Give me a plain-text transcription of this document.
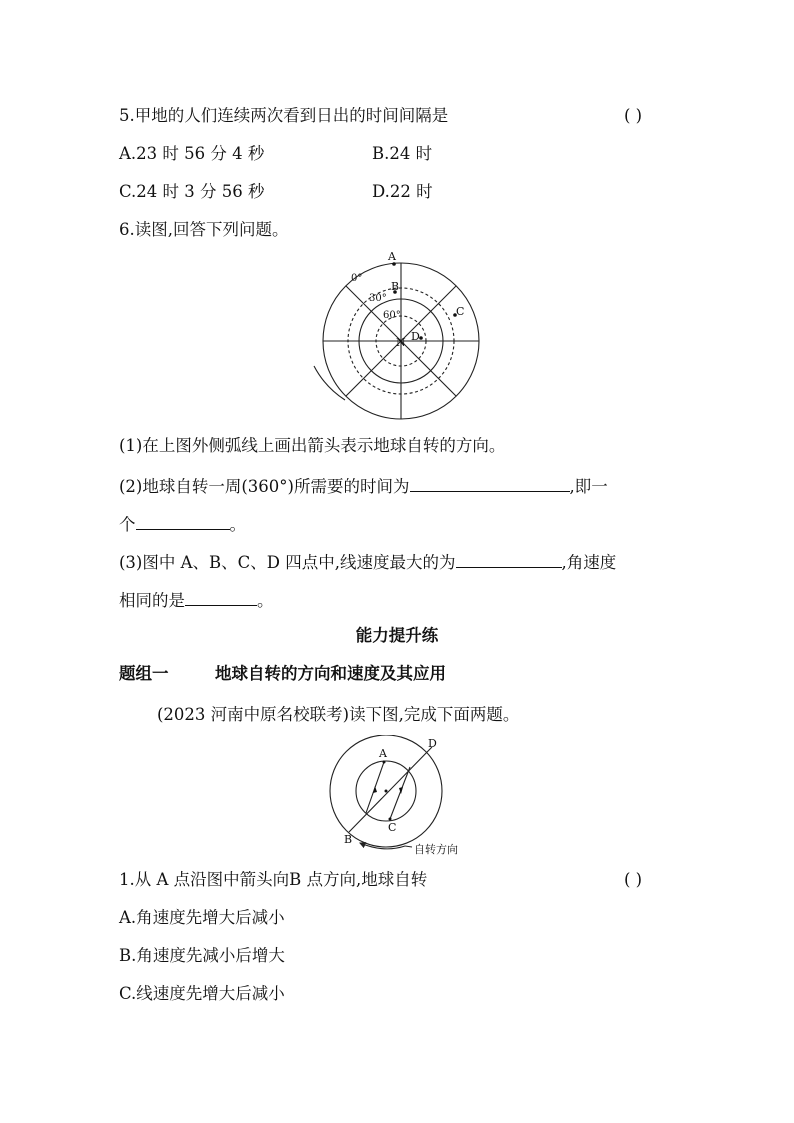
5.甲地的人们连续两次看到日出的时间间隔是	( )
A.23 时 56 分 4 秒	B.24 时
C.24 时 3 分 56 秒	D.22 时
6.读图,回答下列问题。
A
B
C
D
N
0°
30°
60°
(1)在上图外侧弧线上画出箭头表示地球自转的方向。
(2)地球自转一周(360°)所需要的时间为	,即一
个	。
(3)图中 A、B、C、D 四点中,线速度最大的为	,角速度
相同的是	。
能力提升练
题组一	地球自转的方向和速度及其应用
(2023 河南中原名校联考)读下图,完成下面两题。
A
C
B
D
自转方向
1.从 A 点沿图中箭头向B 点方向,地球自转	( )
A.角速度先增大后减小
B.角速度先减小后增大
C.线速度先增大后减小
